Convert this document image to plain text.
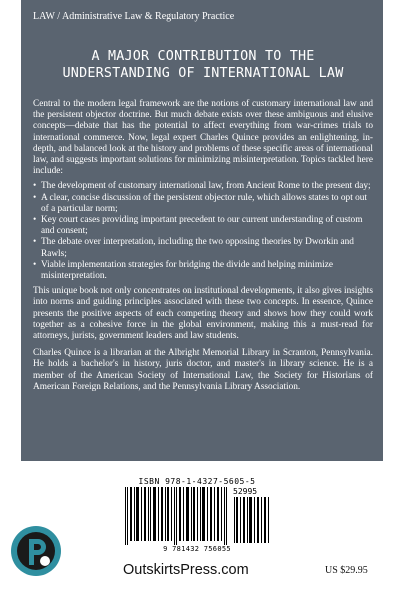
LAW / Administrative Law & Regulatory Practice
A MAJOR CONTRIBUTION TO THE
UNDERSTANDING OF INTERNATIONAL LAW

Central to the modern legal framework are the notions of customary international law and the persistent objector doctrine. But much debate exists over these ambiguous and elusive concepts—debate that has the potential to affect everything from war-crimes trials to international commerce. Now, legal expert Charles Quince provides an enlightening, in-depth, and balanced look at the history and problems of these specific areas of international law, and suggests important solutions for minimizing misinterpretation. Topics tackled here include:

• The development of customary international law, from Ancient Rome to the present day;
• A clear, concise discussion of the persistent objector rule, which allows states to opt out of a particular norm;
• Key court cases providing important precedent to our current understanding of custom and consent;
• The debate over interpretation, including the two opposing theories by Dworkin and Rawls;
• Viable implementation strategies for bridging the divide and helping minimize misinterpretation.

This unique book not only concentrates on institutional developments, it also gives insights into norms and guiding principles associated with these two concepts. In essence, Quince presents the positive aspects of each competing theory and shows how they could work together as a cohesive force in the global environment, making this a must-read for attorneys, jurists, government leaders and law students.

Charles Quince is a librarian at the Albright Memorial Library in Scranton, Pennsylvania. He holds a bachelor's in history, juris doctor, and master's in library science. He is a member of the American Society of International Law, the Society for Historians of American Foreign Relations, and the Pennsylvania Library Association.

ISBN 978-1-4327-5605-5
52995
9 781432 756055
OutskirtsPress.com	US $29.95
